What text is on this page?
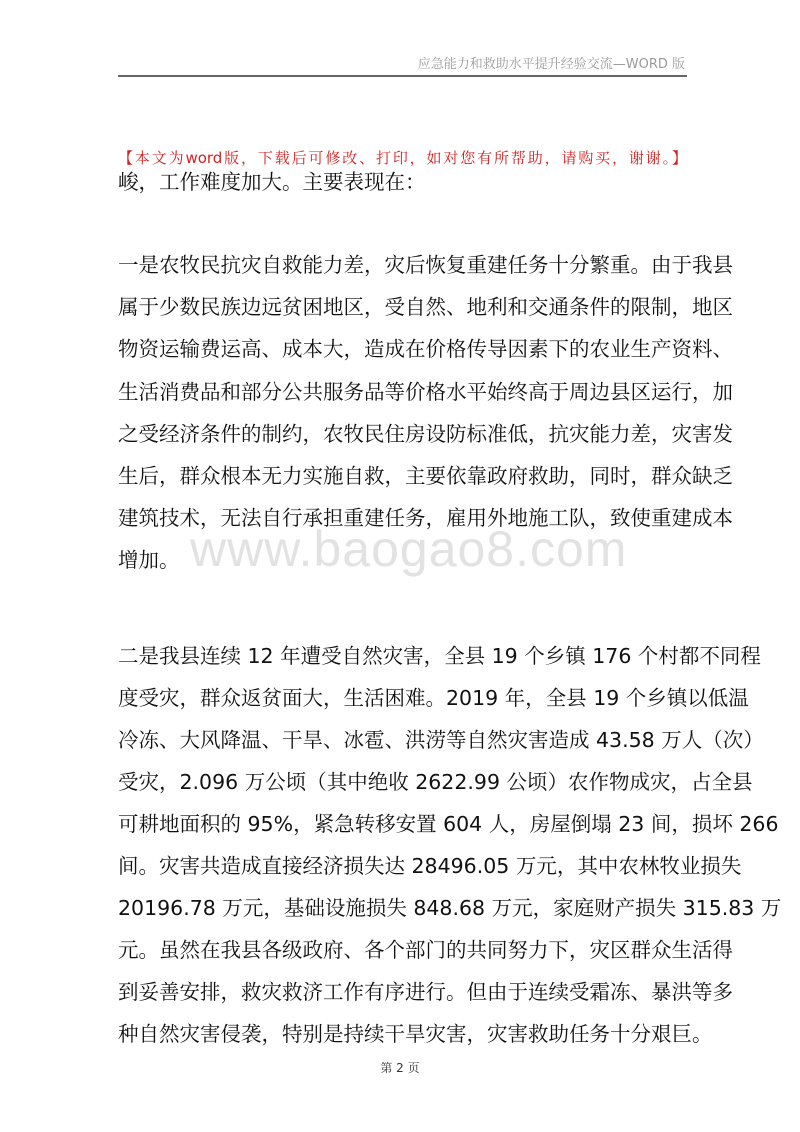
应急能力和救助水平提升经验交流—WORD 版
【本文为word版，下载后可修改、打印，如对您有所帮助，请购买，谢谢。】
www.baogao8.com
峻，工作难度加大。主要表现在：
一是农牧民抗灾自救能力差，灾后恢复重建任务十分繁重。由于我县
属于少数民族边远贫困地区，受自然、地利和交通条件的限制，地区
物资运输费运高、成本大，造成在价格传导因素下的农业生产资料、
生活消费品和部分公共服务品等价格水平始终高于周边县区运行，加
之受经济条件的制约，农牧民住房设防标准低，抗灾能力差，灾害发
生后，群众根本无力实施自救，主要依靠政府救助，同时，群众缺乏
建筑技术，无法自行承担重建任务，雇用外地施工队，致使重建成本
增加。
二是我县连续 12 年遭受自然灾害，全县 19 个乡镇 176 个村都不同程
度受灾，群众返贫面大，生活困难。2019 年，全县 19 个乡镇以低温
冷冻、大风降温、干旱、冰雹、洪涝等自然灾害造成 43.58 万人（次）
受灾，2.096 万公顷（其中绝收 2622.99 公顷）农作物成灾，占全县
可耕地面积的 95%，紧急转移安置 604 人，房屋倒塌 23 间，损坏 266
间。灾害共造成直接经济损失达 28496.05 万元，其中农林牧业损失
20196.78 万元，基础设施损失 848.68 万元，家庭财产损失 315.83 万
元。虽然在我县各级政府、各个部门的共同努力下，灾区群众生活得
到妥善安排，救灾救济工作有序进行。但由于连续受霜冻、暴洪等多
种自然灾害侵袭，特别是持续干旱灾害，灾害救助任务十分艰巨。
第 2 页
